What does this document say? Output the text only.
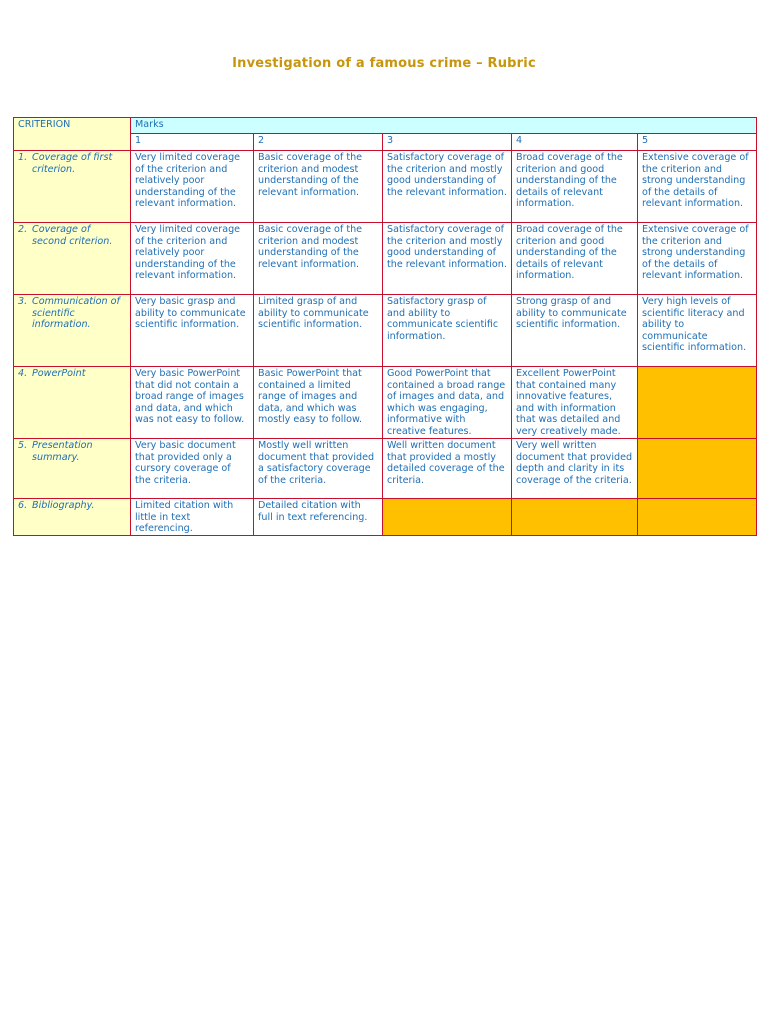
Investigation of a famous crime – Rubric
CRITERION	Marks				
	1	2	3	4	5

1. Coverage of first criterion.	Very limited coverage of the criterion and relatively poor understanding of the relevant information.	Basic coverage of the criterion and modest understanding of the relevant information.	Satisfactory coverage of the criterion and mostly good understanding of the relevant information.	Broad coverage of the criterion and good understanding of the details of relevant information.	Extensive coverage of the criterion and strong understanding of the details of relevant information.

2. Coverage of second criterion.	Very limited coverage of the criterion and relatively poor understanding of the relevant information.	Basic coverage of the criterion and modest understanding of the relevant information.	Satisfactory coverage of the criterion and mostly good understanding of the relevant information.	Broad coverage of the criterion and good understanding of the details of relevant information.	Extensive coverage of the criterion and strong understanding of the details of relevant information.

3. Communication of scientific information.	Very basic grasp and ability to communicate scientific information.	Limited grasp of and ability to communicate scientific information.	Satisfactory grasp of and ability to communicate scientific information.	Strong grasp of and ability to communicate scientific information.	Very high levels of scientific literacy and ability to communicate scientific information.

4. PowerPoint	Very basic PowerPoint that did not contain a broad range of images and data, and which was not easy to follow.	Basic PowerPoint that contained a limited range of images and data, and which was mostly easy to follow.	Good PowerPoint that contained a broad range of images and data, and which was engaging, informative with creative features.	Excellent PowerPoint that contained many innovative features, and with information that was detailed and very creatively made.	

5. Presentation summary.	Very basic document that provided only a cursory coverage of the criteria.	Mostly well written document that provided a satisfactory coverage of the criteria.	Well written document that provided a mostly detailed coverage of the criteria.	Very well written document that provided depth and clarity in its coverage of the criteria.	

6. Bibliography.	Limited citation with little in text referencing.	Detailed citation with full in text referencing.			
